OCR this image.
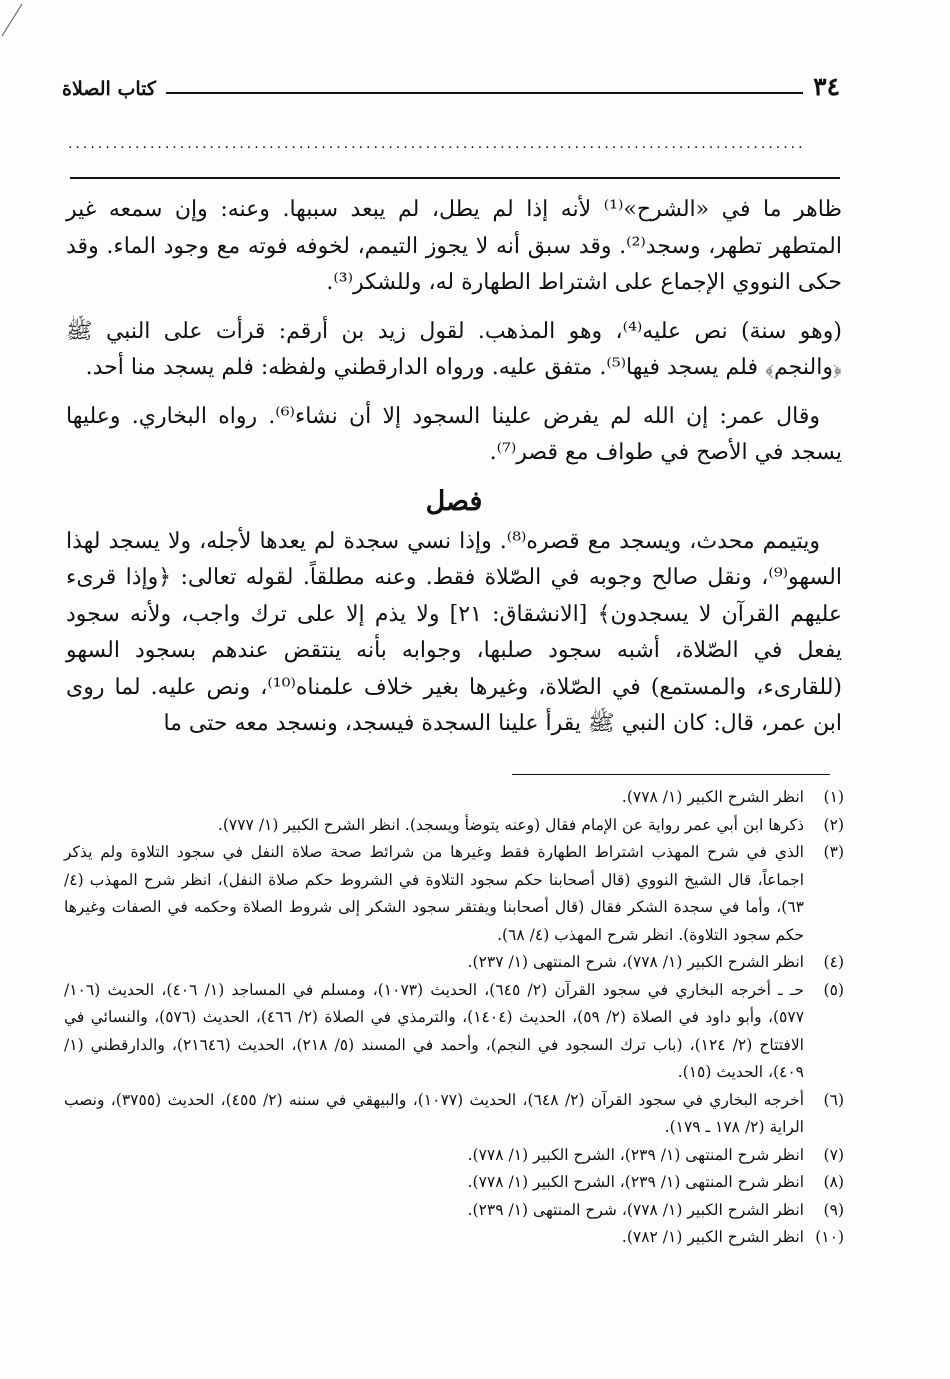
٣٤
كتاب الصلاة
...................................................................................................

ظاهر ما في «الشرح»⁽¹⁾ لأنه إذا لم يطل، لم يبعد سببها. وعنه: وإن سمعه غير المتطهر تطهر، وسجد⁽²⁾. وقد سبق أنه لا يجوز التيمم، لخوفه فوته مع وجود الماء. وقد حكى النووي الإجماع على اشتراط الطهارة له، وللشكر⁽³⁾.

(وهو سنة) نص عليه⁽⁴⁾، وهو المذهب. لقول زيد بن أرقم: قرأت على النبي ﷺ ﴿والنجم﴾ فلم يسجد فيها⁽⁵⁾. متفق عليه. ورواه الدارقطني ولفظه: فلم يسجد منا أحد.

وقال عمر: إن الله لم يفرض علينا السجود إلا أن نشاء⁽⁶⁾. رواه البخاري. وعليها يسجد في الأصح في طواف مع قصر⁽⁷⁾.

فصل

ويتيمم محدث، ويسجد مع قصره⁽⁸⁾. وإذا نسي سجدة لم يعدها لأجله، ولا يسجد لهذا السهو⁽⁹⁾، ونقل صالح وجوبه في الصّلاة فقط. وعنه مطلقاً. لقوله تعالى: ﴿وإذا قرىء عليهم القرآن لا يسجدون﴾ [الانشقاق: ٢١] ولا يذم إلا على ترك واجب، ولأنه سجود يفعل في الصّلاة، أشبه سجود صلبها، وجوابه بأنه ينتقض عندهم بسجود السهو (للقارىء، والمستمع) في الصّلاة، وغيرها بغير خلاف علمناه⁽¹⁰⁾، ونص عليه. لما روى ابن عمر، قال: كان النبي ﷺ يقرأ علينا السجدة فيسجد، ونسجد معه حتى ما

(١)
انظر الشرح الكبير (١/ ٧٧٨).
(٢)
ذكرها ابن أبي عمر رواية عن الإمام فقال (وعنه يتوضأ ويسجد). انظر الشرح الكبير (١/ ٧٧٧).
(٣)
الذي في شرح المهذب اشتراط الطهارة فقط وغيرها من شرائط صحة صلاة النفل في سجود التلاوة ولم يذكر اجماعاً، قال الشيخ النووي (قال أصحابنا حكم سجود التلاوة في الشروط حكم صلاة النفل)، انظر شرح المهذب (٤/ ٦٣)، وأما في سجدة الشكر فقال (قال أصحابنا ويفتقر سجود الشكر إلى شروط الصلاة وحكمه في الصفات وغيرها حكم سجود التلاوة). انظر شرح المهذب (٤/ ٦٨).
(٤)
انظر الشرح الكبير (١/ ٧٧٨)، شرح المنتهى (١/ ٢٣٧).
(٥)
حـ ـ أخرجه البخاري في سجود القرآن (٢/ ٦٤٥)، الحديث (١٠٧٣)، ومسلم في المساجد (١/ ٤٠٦)، الحديث (١٠٦/ ٥٧٧)، وأبو داود في الصلاة (٢/ ٥٩)، الحديث (١٤٠٤)، والترمذي في الصلاة (٢/ ٤٦٦)، الحديث (٥٧٦)، والنسائي في الافتتاح (٢/ ١٢٤)، (باب ترك السجود في النجم)، وأحمد في المسند (٥/ ٢١٨)، الحديث (٢١٦٤٦)، والدارقطني (١/ ٤٠٩)، الحديث (١٥).
(٦)
أخرجه البخاري في سجود القرآن (٢/ ٦٤٨)، الحديث (١٠٧٧)، والبيهقي في سننه (٢/ ٤٥٥)، الحديث (٣٧٥٥)، ونصب الراية (٢/ ١٧٨ ـ ١٧٩).
(٧)
انظر شرح المنتهى (١/ ٢٣٩)، الشرح الكبير (١/ ٧٧٨).
(٨)
انظر شرح المنتهى (١/ ٢٣٩)، الشرح الكبير (١/ ٧٧٨).
(٩)
انظر الشرح الكبير (١/ ٧٧٨)، شرح المنتهى (١/ ٢٣٩).
(١٠)
انظر الشرح الكبير (١/ ٧٨٢).
